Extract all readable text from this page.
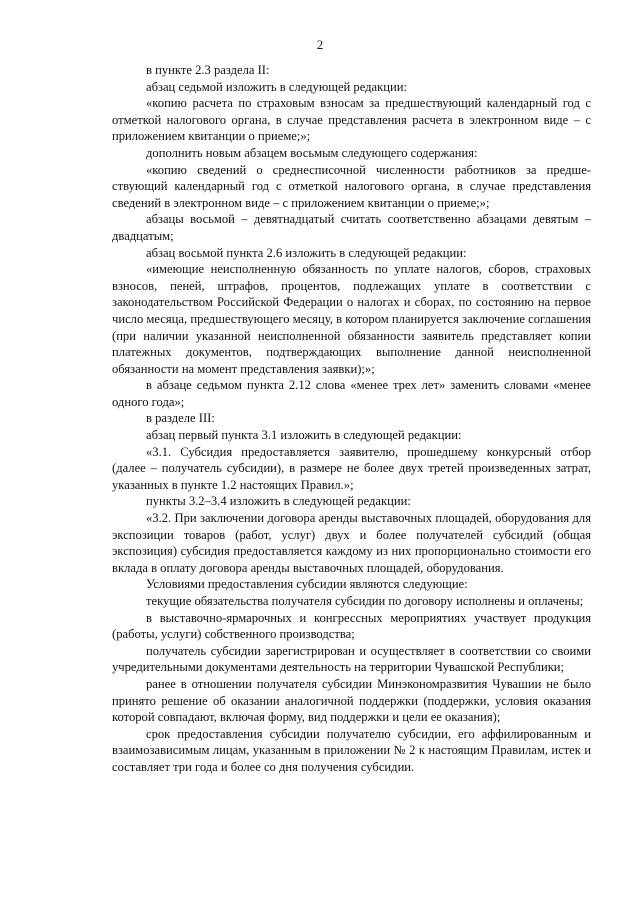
2

в пункте 2.3 раздела II:

абзац седьмой изложить в следующей редакции:

«копию расчета по страховым взносам за предшествующий календарный год с отметкой налогового органа, в случае представления расчета в электронном виде – с приложением квитанции о приеме;»;

дополнить новым абзацем восьмым следующего содержания:

«копию сведений о среднесписочной численности работников за предшествующий календарный год с отметкой налогового органа, в случае представления сведений в электронном виде – с приложением квитанции о приеме;»;

абзацы восьмой – девятнадцатый считать соответственно абзацами девятым – двадцатым;

абзац восьмой пункта 2.6 изложить в следующей редакции:

«имеющие неисполненную обязанность по уплате налогов, сборов, страховых взносов, пеней, штрафов, процентов, подлежащих уплате в соответствии с законодательством Российской Федерации о налогах и сборах, по состоянию на первое число месяца, предшествующего месяцу, в котором планируется заключение соглашения (при наличии указанной неисполненной обязанности заявитель представляет копии платежных документов, подтверждающих выполнение данной неисполненной обязанности на момент представления заявки);»;

в абзаце седьмом пункта 2.12 слова «менее трех лет» заменить словами «менее одного года»;

в разделе III:

абзац первый пункта 3.1 изложить в следующей редакции:

«3.1. Субсидия предоставляется заявителю, прошедшему конкурсный отбор (далее – получатель субсидии), в размере не более двух третей произведенных затрат, указанных в пункте 1.2 настоящих Правил.»;

пункты 3.2–3.4 изложить в следующей редакции:

«3.2. При заключении договора аренды выставочных площадей, оборудования для экспозиции товаров (работ, услуг) двух и более получателей субсидий (общая экспозиция) субсидия предоставляется каждому из них пропорционально стоимости его вклада в оплату договора аренды выставочных площадей, оборудования.

Условиями предоставления субсидии являются следующие:

текущие обязательства получателя субсидии по договору исполнены и оплачены;

в выставочно-ярмарочных и конгрессных мероприятиях участвует продукция (работы, услуги) собственного производства;

получатель субсидии зарегистрирован и осуществляет в соответствии со своими учредительными документами деятельность на территории Чувашской Республики;

ранее в отношении получателя субсидии Минэкономразвития Чувашии не было принято решение об оказании аналогичной поддержки (поддержки, условия оказания которой совпадают, включая форму, вид поддержки и цели ее оказания);

срок предоставления субсидии получателю субсидии, его аффилированным и взаимозависимым лицам, указанным в приложении № 2 к настоящим Правилам, истек и составляет три года и более со дня получения субсидии.
